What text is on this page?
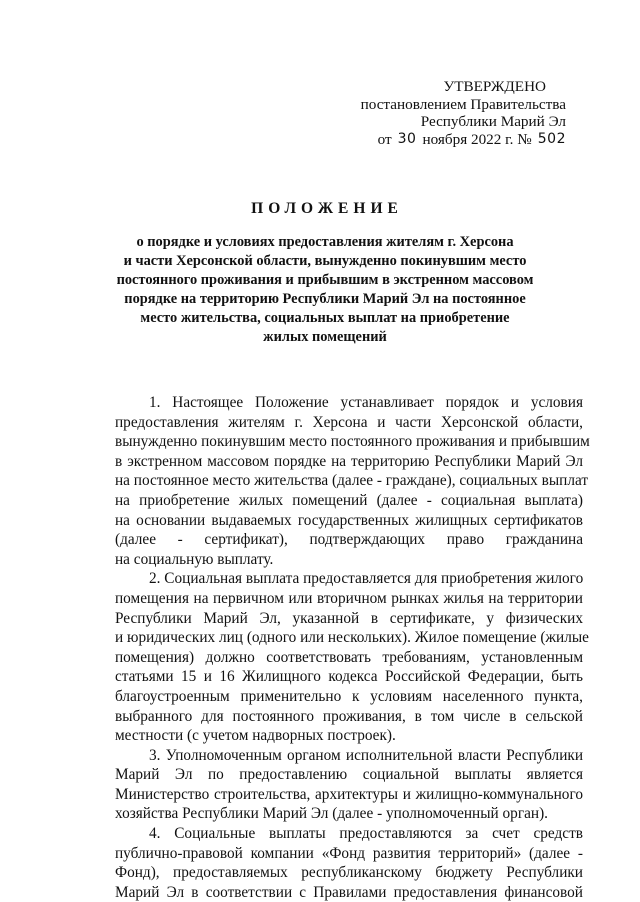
УТВЕРЖДЕНО
постановлением Правительства
Республики Марий Эл
от 30 ноября 2022 г. № 502
ПОЛОЖЕНИЕ
о порядке и условиях предоставления жителям г. Херсона
и части Херсонской области, вынужденно покинувшим место
постоянного проживания и прибывшим в экстренном массовом
порядке на территорию Республики Марий Эл на постоянное
место жительства, социальных выплат на приобретение
жилых помещений
1. Настоящее Положение устанавливает порядок и условия
предоставления жителям г. Херсона и части Херсонской области,
вынужденно покинувшим место постоянного проживания и прибывшим
в экстренном массовом порядке на территорию Республики Марий Эл
на постоянное место жительства (далее - граждане), социальных выплат
на приобретение жилых помещений (далее - социальная выплата)
на основании выдаваемых государственных жилищных сертификатов
(далее - сертификат), подтверждающих право гражданина
на социальную выплату.
2. Социальная выплата предоставляется для приобретения жилого
помещения на первичном или вторичном рынках жилья на территории
Республики Марий Эл, указанной в сертификате, у физических
и юридических лиц (одного или нескольких). Жилое помещение (жилые
помещения) должно соответствовать требованиям, установленным
статьями 15 и 16 Жилищного кодекса Российской Федерации, быть
благоустроенным применительно к условиям населенного пункта,
выбранного для постоянного проживания, в том числе в сельской
местности (с учетом надворных построек).
3. Уполномоченным органом исполнительной власти Республики
Марий Эл по предоставлению социальной выплаты является
Министерство строительства, архитектуры и жилищно-коммунального
хозяйства Республики Марий Эл (далее - уполномоченный орган).
4. Социальные выплаты предоставляются за счет средств
публично-правовой компании «Фонд развития территорий» (далее -
Фонд), предоставляемых республиканскому бюджету Республики
Марий Эл в соответствии с Правилами предоставления финансовой
